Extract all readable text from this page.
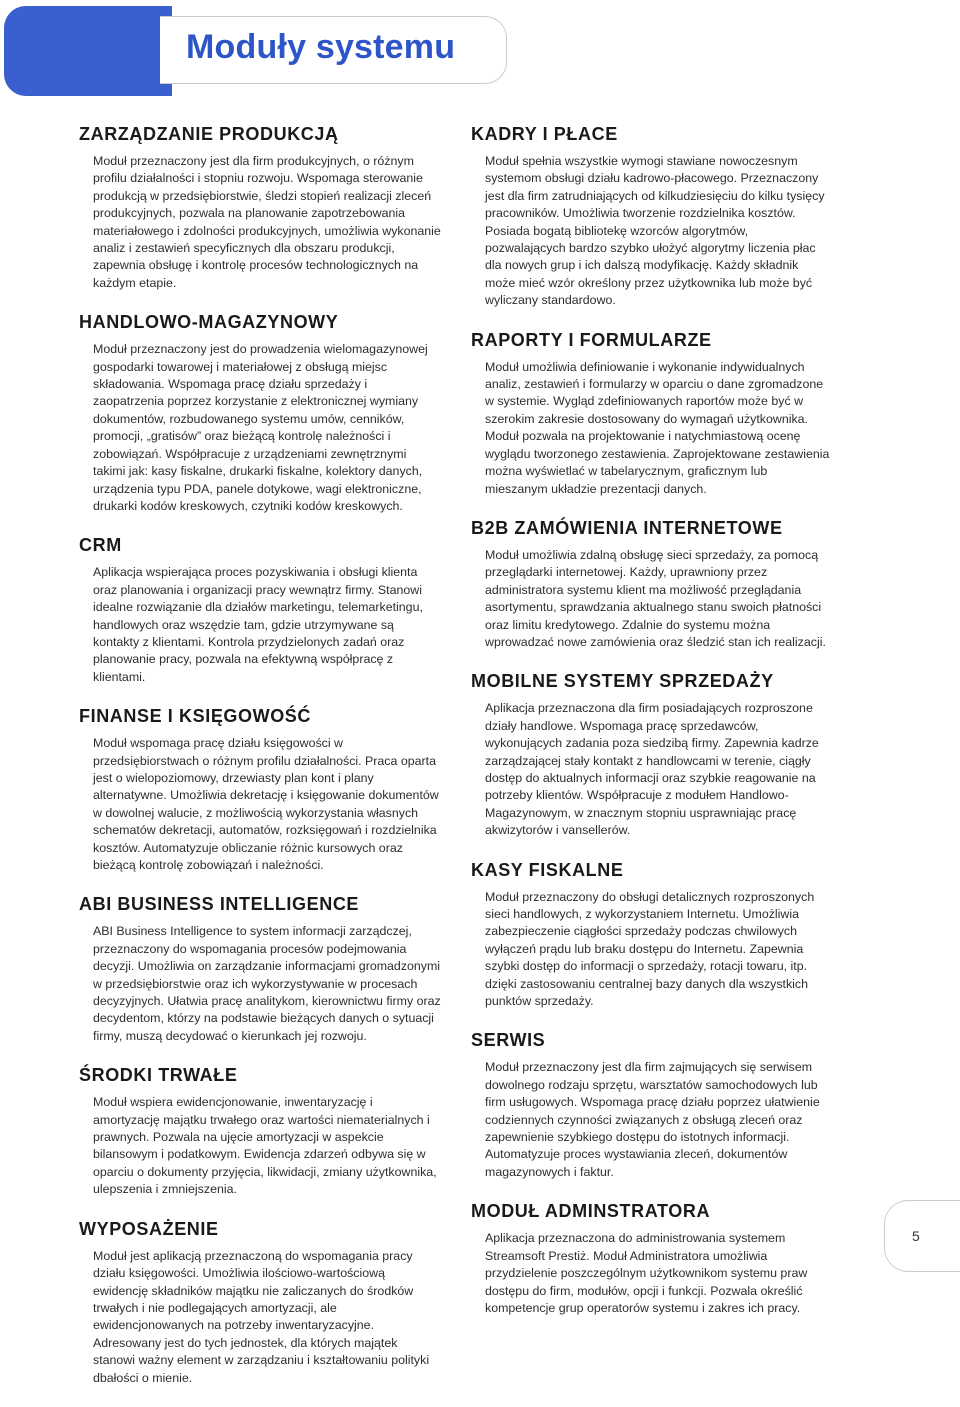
Moduły systemu
ZARZĄDZANIE PRODUKCJĄ

Moduł przeznaczony jest dla firm produkcyjnych, o różnym profilu działalności i stopniu rozwoju. Wspomaga sterowanie produkcją w przedsiębiorstwie, śledzi stopień realizacji zleceń produkcyjnych, pozwala na planowanie zapotrzebowania materiałowego i zdolności produkcyjnych, umożliwia wykonanie analiz i zestawień specyficznych dla obszaru produkcji, zapewnia obsługę i kontrolę procesów technologicznych na każdym etapie.

HANDLOWO-MAGAZYNOWY

Moduł przeznaczony jest do prowadzenia wielomagazynowej gospodarki towarowej i materiałowej z obsługą miejsc składowania. Wspomaga pracę działu sprzedaży i zaopatrzenia poprzez korzystanie z elektronicznej wymiany dokumentów, rozbudowanego systemu umów, cenników, promocji, „gratisów” oraz bieżącą kontrolę należności i zobowiązań. Współpracuje z urządzeniami zewnętrznymi takimi jak: kasy fiskalne, drukarki fiskalne, kolektory danych, urządzenia typu PDA, panele dotykowe, wagi elektroniczne, drukarki kodów kreskowych, czytniki kodów kreskowych.

CRM

Aplikacja wspierająca proces pozyskiwania i obsługi klienta oraz planowania i organizacji pracy wewnątrz firmy. Stanowi idealne rozwiązanie dla działów marketingu, telemarketingu, handlowych oraz wszędzie tam, gdzie utrzymywane są kontakty z klientami. Kontrola przydzielonych zadań oraz planowanie pracy, pozwala na efektywną współpracę z klientami.

FINANSE I KSIĘGOWOŚĆ

Moduł wspomaga pracę działu księgowości w przedsiębiorstwach o różnym profilu działalności. Praca oparta jest o wielopoziomowy, drzewiasty plan kont i plany alternatywne. Umożliwia dekretację i księgowanie dokumentów w dowolnej walucie, z możliwością wykorzystania własnych schematów dekretacji, automatów, rozksięgowań i rozdzielnika kosztów. Automatyzuje obliczanie różnic kursowych oraz bieżącą kontrolę zobowiązań i należności.

ABI BUSINESS INTELLIGENCE

ABI Business Intelligence to system informacji zarządczej, przeznaczony do wspomagania procesów podejmowania decyzji. Umożliwia on zarządzanie informacjami gromadzonymi w przedsiębiorstwie oraz ich wykorzystywanie w procesach decyzyjnych. Ułatwia pracę analitykom, kierownictwu firmy oraz decydentom, którzy na podstawie bieżących danych o sytuacji firmy, muszą decydować o kierunkach jej rozwoju.

ŚRODKI TRWAŁE

Moduł wspiera ewidencjonowanie, inwentaryzację i amortyzację majątku trwałego oraz wartości niematerialnych i prawnych. Pozwala na ujęcie amortyzacji w aspekcie bilansowym i podatkowym. Ewidencja zdarzeń odbywa się w oparciu o dokumenty przyjęcia, likwidacji, zmiany użytkownika, ulepszenia i zmniejszenia.

WYPOSAŻENIE

Moduł jest aplikacją przeznaczoną do wspomagania pracy działu księgowości. Umożliwia ilościowo-wartościową ewidencję składników majątku nie zaliczanych do środków trwałych i nie podlegających amortyzacji, ale ewidencjonowanych na potrzeby inwentaryzacyjne. Adresowany jest do tych jednostek, dla których majątek stanowi ważny element w zarządzaniu i kształtowaniu polityki dbałości o mienie.

KADRY I PŁACE

Moduł spełnia wszystkie wymogi stawiane nowoczesnym systemom obsługi działu kadrowo-płacowego. Przeznaczony jest dla firm zatrudniających od kilkudziesięciu do kilku tysięcy pracowników. Umożliwia tworzenie rozdzielnika kosztów. Posiada bogatą bibliotekę wzorców algorytmów, pozwalających bardzo szybko ułożyć algorytmy liczenia płac dla nowych grup i ich dalszą modyfikację. Każdy składnik może mieć wzór określony przez użytkownika lub może być wyliczany standardowo.

RAPORTY I FORMULARZE

Moduł umożliwia definiowanie i wykonanie indywidualnych analiz, zestawień i formularzy w oparciu o dane zgromadzone w systemie. Wygląd zdefiniowanych raportów może być w szerokim zakresie dostosowany do wymagań użytkownika. Moduł pozwala na projektowanie i natychmiastową ocenę wyglądu tworzonego zestawienia. Zaprojektowane zestawienia można wyświetlać w tabelarycznym, graficznym lub mieszanym układzie prezentacji danych.

B2B ZAMÓWIENIA INTERNETOWE

Moduł umożliwia zdalną obsługę sieci sprzedaży, za pomocą przeglądarki internetowej. Każdy, uprawniony przez administratora systemu klient ma możliwość przeglądania asortymentu, sprawdzania aktualnego stanu swoich płatności oraz limitu kredytowego. Zdalnie do systemu można wprowadzać nowe zamówienia oraz śledzić stan ich realizacji.

MOBILNE SYSTEMY SPRZEDAŻY

Aplikacja przeznaczona dla firm posiadających rozproszone działy handlowe. Wspomaga pracę sprzedawców, wykonujących zadania poza siedzibą firmy. Zapewnia kadrze zarządzającej stały kontakt z handlowcami w terenie, ciągły dostęp do aktualnych informacji oraz szybkie reagowanie na potrzeby klientów. Współpracuje z modułem Handlowo-Magazynowym, w znacznym stopniu usprawniając pracę akwizytorów i vansellerów.

KASY FISKALNE

Moduł przeznaczony do obsługi detalicznych rozproszonych sieci handlowych, z wykorzystaniem Internetu. Umożliwia zabezpieczenie ciągłości sprzedaży podczas chwilowych wyłączeń prądu lub braku dostępu do Internetu. Zapewnia szybki dostęp do informacji o sprzedaży, rotacji towaru, itp. dzięki zastosowaniu centralnej bazy danych dla wszystkich punktów sprzedaży.

SERWIS

Moduł przeznaczony jest dla firm zajmujących się serwisem dowolnego rodzaju sprzętu, warsztatów samochodowych lub firm usługowych. Wspomaga pracę działu poprzez ułatwienie codziennych czynności związanych z obsługą zleceń oraz zapewnienie szybkiego dostępu do istotnych informacji. Automatyzuje proces wystawiania zleceń, dokumentów magazynowych i faktur.

MODUŁ ADMINSTRATORA

Aplikacja przeznaczona do administrowania systemem Streamsoft Prestiż. Moduł Administratora umożliwia przydzielenie poszczególnym użytkownikom systemu praw dostępu do firm, modułów, opcji i funkcji. Pozwala określić kompetencje grup operatorów systemu i zakres ich pracy.

5
